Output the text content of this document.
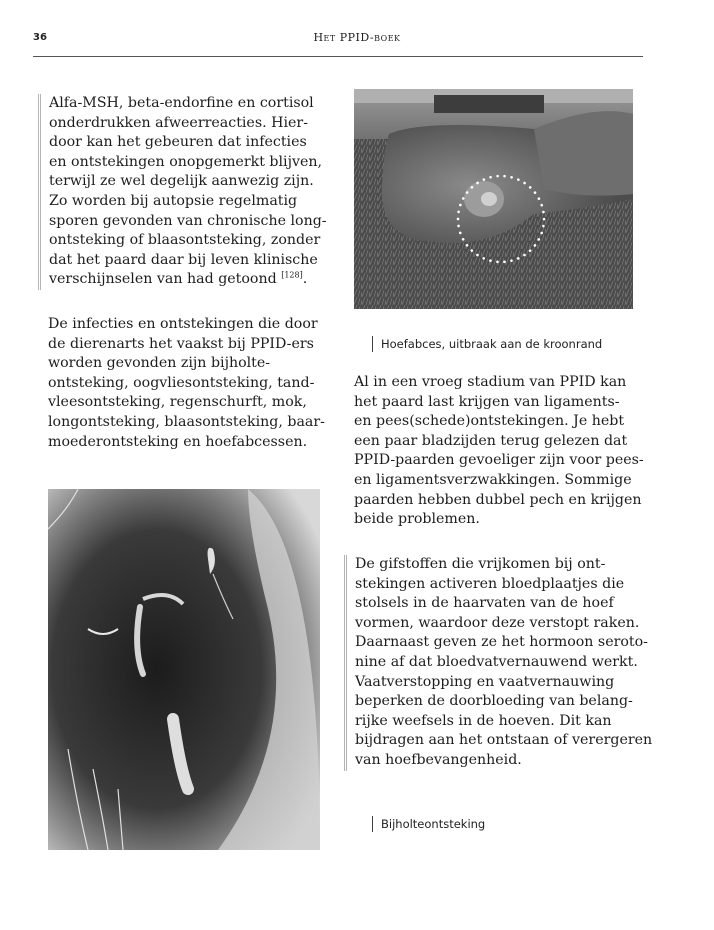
36	Het PPID-boek
Alfa-MSH, beta-endorfine en cortisol
onderdrukken afweerreacties. Hier-
door kan het gebeuren dat infecties
en ontstekingen onopgemerkt blijven,
terwijl ze wel degelijk aanwezig zijn.
Zo worden bij autopsie regelmatig
sporen gevonden van chronische long-
ontsteking of blaasontsteking, zonder
dat het paard daar bij leven klinische
verschijnselen van had getoond [128].
De infecties en ontstekingen die door
de dierenarts het vaakst bij PPID-ers
worden gevonden zijn bijholte-
ontsteking, oogvliesontsteking, tand-
vleesontsteking, regenschurft, mok,
longontsteking, blaasontsteking, baar-
moederontsteking en hoefabcessen.
Hoefabces, uitbraak aan de kroonrand
Al in een vroeg stadium van PPID kan
het paard last krijgen van ligaments-
en pees(schede)ontstekingen. Je hebt
een paar bladzijden terug gelezen dat
PPID-paarden gevoeliger zijn voor pees-
en ligamentsverzwakkingen. Sommige
paarden hebben dubbel pech en krijgen
beide problemen.
De gifstoffen die vrijkomen bij ont-
stekingen activeren bloedplaatjes die
stolsels in de haarvaten van de hoef
vormen, waardoor deze verstopt raken.
Daarnaast geven ze het hormoon seroto-
nine af dat bloedvatvernauwend werkt.
Vaatverstopping en vaatvernauwing
beperken de doorbloeding van belang-
rijke weefsels in de hoeven. Dit kan
bijdragen aan het ontstaan of verergeren
van hoefbevangenheid.
Bijholteontsteking
